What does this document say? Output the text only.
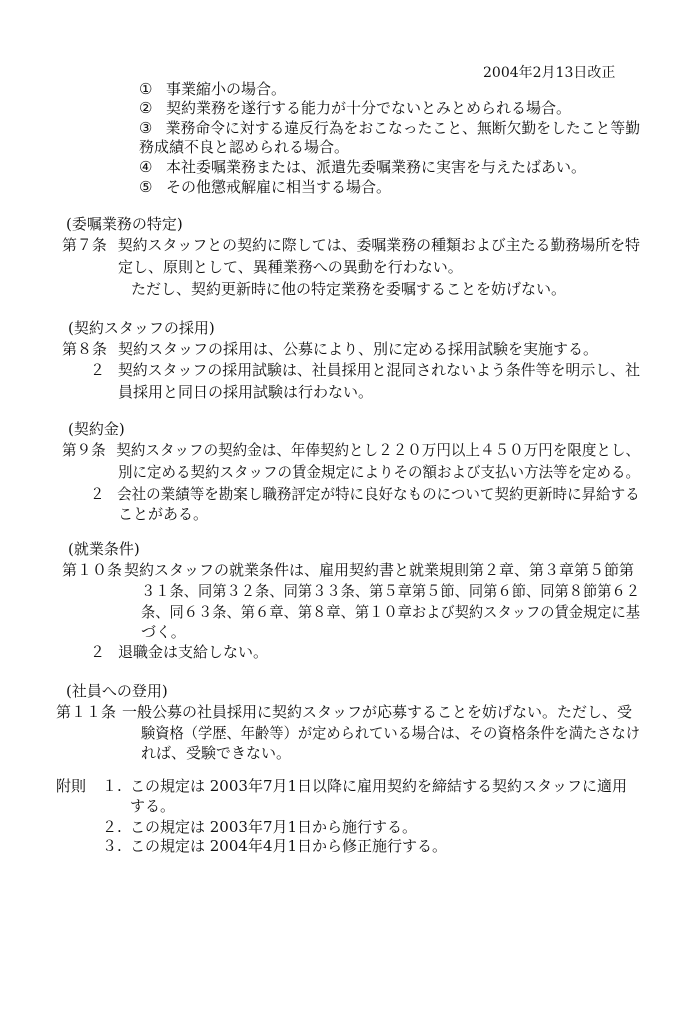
2004年2月13日改正
① 事業縮小の場合。
② 契約業務を遂行する能力が十分でないとみとめられる場合。
③ 業務命令に対する違反行為をおこなったこと、無断欠勤をしたこと等勤
務成績不良と認められる場合。
④ 本社委嘱業務または、派遣先委嘱業務に実害を与えたばあい。
⑤ その他懲戒解雇に相当する場合。
(委嘱業務の特定)
第７条 契約スタッフとの契約に際しては、委嘱業務の種類および主たる勤務場所を特
定し、原則として、異種業務への異動を行わない。
ただし、契約更新時に他の特定業務を委嘱することを妨げない。
(契約スタッフの採用)
第８条 契約スタッフの採用は、公募により、別に定める採用試験を実施する。
２ 契約スタッフの採用試験は、社員採用と混同されないよう条件等を明示し、社
員採用と同日の採用試験は行わない。
(契約金)
第９条 契約スタッフの契約金は、年俸契約とし２２０万円以上４５０万円を限度とし、
別に定める契約スタッフの賃金規定によりその額および支払い方法等を定める。
２ 会社の業績等を勘案し職務評定が特に良好なものについて契約更新時に昇給する
ことがある。
(就業条件)
第１０条 契約スタッフの就業条件は、雇用契約書と就業規則第２章、第３章第５節第
３１条、同第３２条、同第３３条、第５章第５節、同第６節、同第８節第６２
条、同６３条、第６章、第８章、第１０章および契約スタッフの賃金規定に基
づく。
２ 退職金は支給しない。
(社員への登用)
第１１条 一般公募の社員採用に契約スタッフが応募することを妨げない。ただし、受
験資格（学歴、年齢等）が定められている場合は、その資格条件を満たさなけ
れば、受験できない。
附則 １. この規定は 2003年7月1日以降に雇用契約を締結する契約スタッフに適用
する。
２. この規定は 2003年7月1日から施行する。
３. この規定は 2004年4月1日から修正施行する。
